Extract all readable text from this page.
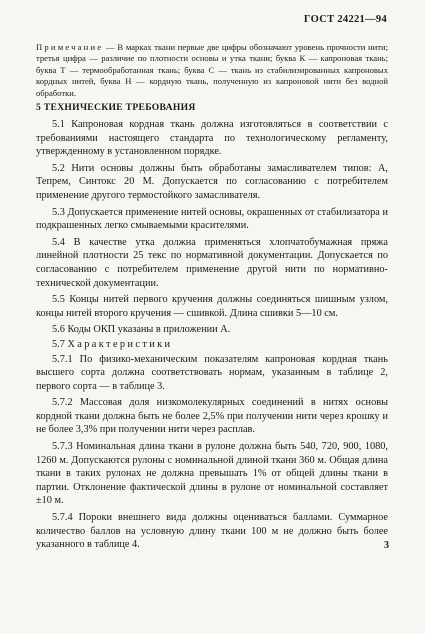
ГОСТ 24221—94
Примечание — В марках ткани первые две цифры обозначают уровень прочности нити; третья цифра — различие по плотности основы и утка ткани; буква К — капроновая ткань; буква Т — термообработанная ткань; буква С — ткань из стабилизированных капроновых кордных нитей, буква Н — кордную ткань, полученную из капроновой нити без водной обработки.
5 ТЕХНИЧЕСКИЕ ТРЕБОВАНИЯ

5.1 Капроновая кордная ткань должна изготовляться в соответствии с требованиями настоящего стандарта по технологическому регламенту, утвержденному в установленном порядке.

5.2 Нити основы должны быть обработаны замасливателем типов: А, Тепрем, Синтокс 20 М. Допускается по согласованию с потребителем применение другого термостойкого замасливателя.

5.3 Допускается применение нитей основы, окрашенных от стабилизатора и подкрашенных легко смываемыми красителями.

5.4 В качестве утка должна применяться хлопчатобумажная пряжа линейной плотности 25 текс по нормативной документации. Допускается по согласованию с потребителем применение другой нити по нормативно-технической документации.

5.5 Концы нитей первого кручения должны соединяться шишным узлом, концы нитей второго кручения — сшивкой. Длина сшивки 5—10 см.

5.6 Коды ОКП указаны в приложении А.

5.7 Характеристики

5.7.1 По физико-механическим показателям капроновая кордная ткань высшего сорта должна соответствовать нормам, указанным в таблице 2, первого сорта — в таблице 3.

5.7.2 Массовая доля низкомолекулярных соединений в нитях основы кордной ткани должна быть не более 2,5% при получении нити через крошку и не более 3,3% при получении нити через расплав.

5.7.3 Номинальная длина ткани в рулоне должна быть 540, 720, 900, 1080, 1260 м. Допускаются рулоны с номинальной длиной ткани 360 м. Общая длина ткани в таких рулонах не должна превышать 1% от общей длины ткани в партии. Отклонение фактической длины в рулоне от номинальной составляет ±10 м.

5.7.4 Пороки внешнего вида должны оцениваться баллами. Суммарное количество баллов на условную длину ткани 100 м не должно быть более указанного в таблице 4.	3
